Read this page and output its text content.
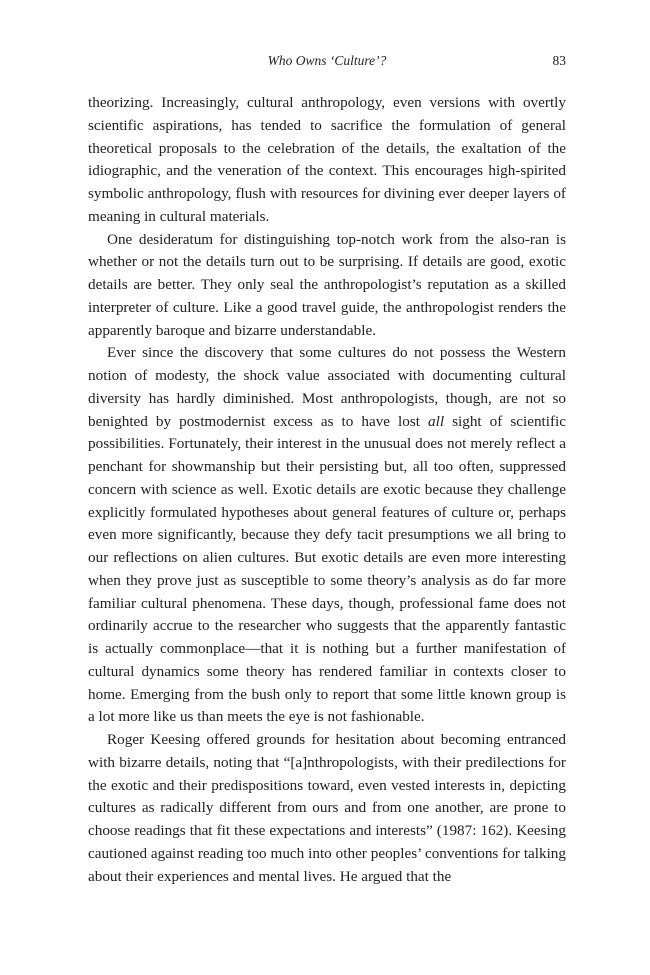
Who Owns ‘Culture’?	83

theorizing. Increasingly, cultural anthropology, even versions with overtly scientific aspirations, has tended to sacrifice the formulation of general theoretical proposals to the celebration of the details, the exaltation of the idiographic, and the veneration of the context. This encourages high-spirited symbolic anthropology, flush with resources for divining ever deeper layers of meaning in cultural materials.

One desideratum for distinguishing top-notch work from the also-ran is whether or not the details turn out to be surprising. If details are good, exotic details are better. They only seal the anthropologist’s reputation as a skilled interpreter of culture. Like a good travel guide, the anthropologist renders the apparently baroque and bizarre understandable.

Ever since the discovery that some cultures do not possess the Western notion of modesty, the shock value associated with documenting cultural diversity has hardly diminished. Most anthropologists, though, are not so benighted by postmodernist excess as to have lost all sight of scientific possibilities. Fortunately, their interest in the unusual does not merely reflect a penchant for showmanship but their persisting but, all too often, suppressed concern with science as well. Exotic details are exotic because they challenge explicitly formulated hypotheses about general features of culture or, perhaps even more significantly, because they defy tacit presumptions we all bring to our reflections on alien cultures. But exotic details are even more interesting when they prove just as susceptible to some theory’s analysis as do far more familiar cultural phenomena. These days, though, professional fame does not ordinarily accrue to the researcher who suggests that the apparently fantastic is actually commonplace—that it is nothing but a further manifestation of cultural dynamics some theory has rendered familiar in contexts closer to home. Emerging from the bush only to report that some little known group is a lot more like us than meets the eye is not fashionable.

Roger Keesing offered grounds for hesitation about becoming entranced with bizarre details, noting that “[a]nthropologists, with their predilections for the exotic and their predispositions toward, even vested interests in, depicting cultures as radically different from ours and from one another, are prone to choose readings that fit these expectations and interests” (1987: 162). Keesing cautioned against reading too much into other peoples’ conventions for talking about their experiences and mental lives. He argued that the
